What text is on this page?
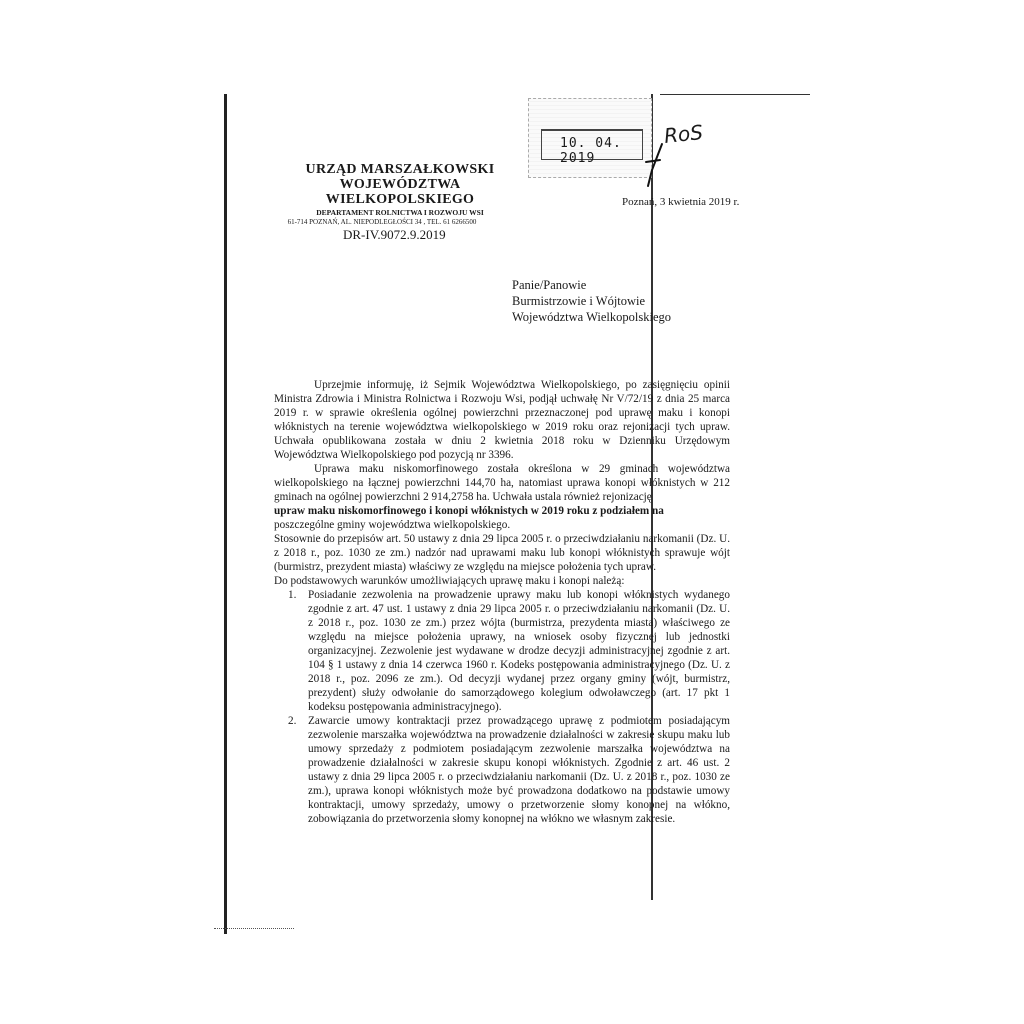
URZĄD MARSZAŁKOWSKI
WOJEWÓDZTWA WIELKOPOLSKIEGO
DEPARTAMENT ROLNICTWA I ROZWOJU WSI
61-714 POZNAŃ, AL. NIEPODLEGŁOŚCI 34 , TEL. 61 6266500
10. 04. 2019
RoS
Poznań, 3 kwietnia 2019 r.
DR-IV.9072.9.2019
Panie/Panowie
Burmistrzowie i Wójtowie
Województwa Wielkopolskiego

Uprzejmie informuję, iż Sejmik Województwa Wielkopolskiego, po zasięgnięciu opinii Ministra Zdrowia i Ministra Rolnictwa i Rozwoju Wsi, podjął uchwałę Nr V/72/19 z dnia 25 marca 2019 r. w sprawie określenia ogólnej powierzchni przeznaczonej pod uprawę maku i konopi włóknistych na terenie województwa wielkopolskiego w 2019 roku oraz rejonizacji tych upraw. Uchwała opublikowana została w dniu 2 kwietnia 2018 roku w Dzienniku Urzędowym Województwa Wielkopolskiego pod pozycją nr 3396.

Uprawa maku niskomorfinowego została określona w 29 gminach województwa wielkopolskiego na łącznej powierzchni 144,70 ha, natomiast uprawa konopi włóknistych w 212 gminach na ogólnej powierzchni 2 914,2758 ha. Uchwała ustala również rejonizację

upraw maku niskomorfinowego i konopi włóknistych w 2019 roku z podziałem na

poszczególne gminy województwa wielkopolskiego.

Stosownie do przepisów art. 50 ustawy z dnia 29 lipca 2005 r. o przeciwdziałaniu narkomanii (Dz. U. z 2018 r., poz. 1030 ze zm.) nadzór nad uprawami maku lub konopi włóknistych sprawuje wójt (burmistrz, prezydent miasta) właściwy ze względu na miejsce położenia tych upraw.

Do podstawowych warunków umożliwiających uprawę maku i konopi należą:

1. Posiadanie zezwolenia na prowadzenie uprawy maku lub konopi włóknistych wydanego zgodnie z art. 47 ust. 1 ustawy z dnia 29 lipca 2005 r. o przeciwdziałaniu narkomanii (Dz. U. z 2018 r., poz. 1030 ze zm.) przez wójta (burmistrza, prezydenta miasta) właściwego ze względu na miejsce położenia uprawy, na wniosek osoby fizycznej lub jednostki organizacyjnej. Zezwolenie jest wydawane w drodze decyzji administracyjnej zgodnie z art. 104 § 1 ustawy z dnia 14 czerwca 1960 r. Kodeks postępowania administracyjnego (Dz. U. z 2018 r., poz. 2096 ze zm.). Od decyzji wydanej przez organy gminy (wójt, burmistrz, prezydent) służy odwołanie do samorządowego kolegium odwoławczego (art. 17 pkt 1 kodeksu postępowania administracyjnego).
2. Zawarcie umowy kontraktacji przez prowadzącego uprawę z podmiotem posiadającym zezwolenie marszałka województwa na prowadzenie działalności w zakresie skupu maku lub umowy sprzedaży z podmiotem posiadającym zezwolenie marszałka województwa na prowadzenie działalności w zakresie skupu konopi włóknistych. Zgodnie z art. 46 ust. 2 ustawy z dnia 29 lipca 2005 r. o przeciwdziałaniu narkomanii (Dz. U. z 2018 r., poz. 1030 ze zm.), uprawa konopi włóknistych może być prowadzona dodatkowo na podstawie umowy kontraktacji, umowy sprzedaży, umowy o przetworzenie słomy konopnej na włókno, zobowiązania do przetworzenia słomy konopnej na włókno we własnym zakresie.
